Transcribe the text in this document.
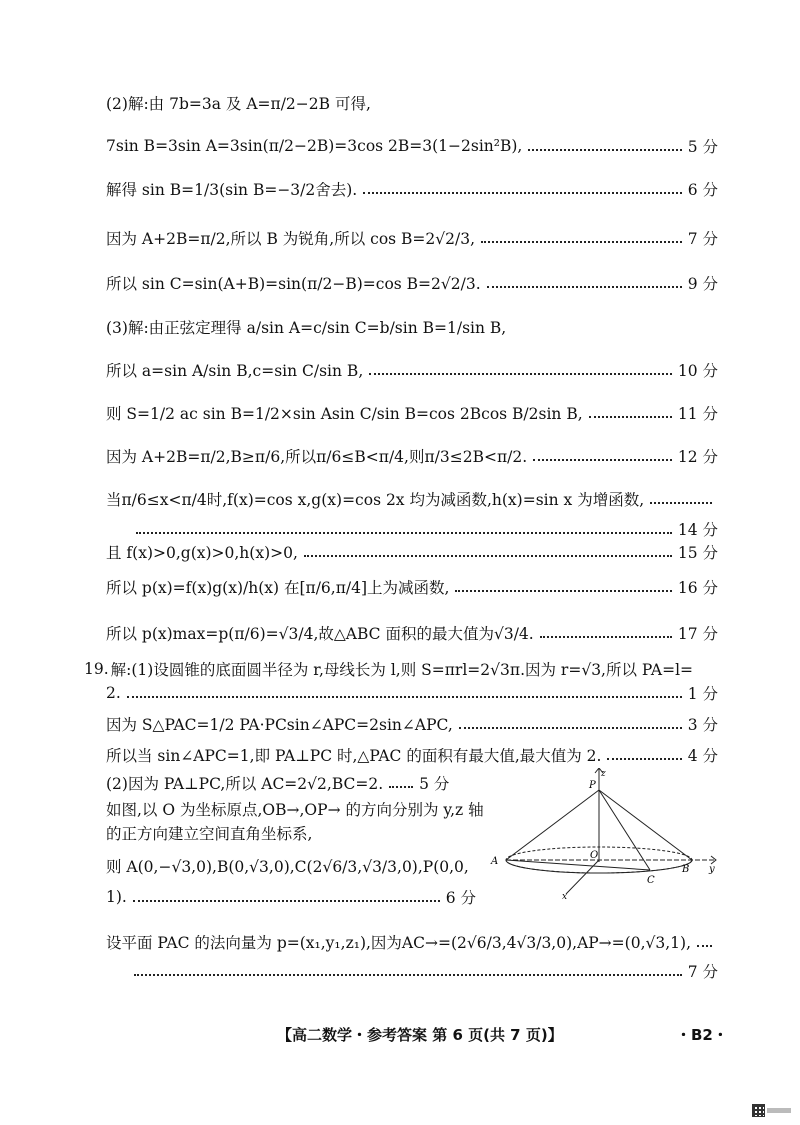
(2)解:由 7b=3a 及 A=π/2−2B 可得,
7sin B=3sin A=3sin(π/2−2B)=3cos 2B=3(1−2sin²B),	5 分
解得 sin B=1/3(sin B=−3/2舍去).	6 分
因为 A+2B=π/2,所以 B 为锐角,所以 cos B=2√2/3,	7 分
所以 sin C=sin(A+B)=sin(π/2−B)=cos B=2√2/3.	9 分
(3)解:由正弦定理得 a/sin A=c/sin C=b/sin B=1/sin B,
所以 a=sin A/sin B,c=sin C/sin B,	10 分
则 S=1/2 ac sin B=1/2×sin Asin C/sin B=cos 2Bcos B/2sin B,	11 分
因为 A+2B=π/2,B≥π/6,所以π/6≤B<π/4,则π/3≤2B<π/2.	12 分
当π/6≤x<π/4时,f(x)=cos x,g(x)=cos 2x 均为减函数,h(x)=sin x 为增函数,
14 分
且 f(x)>0,g(x)>0,h(x)>0,	15 分
所以 p(x)=f(x)g(x)/h(x) 在[π/6,π/4]上为减函数,	16 分
所以 p(x)max=p(π/6)=√3/4,故△ABC 面积的最大值为√3/4.	17 分
19. 解:(1)设圆锥的底面圆半径为 r,母线长为 l,则 S=πrl=2√3π.因为 r=√3,所以 PA=l=
2.	1 分
因为 S△PAC=1/2 PA·PCsin∠APC=2sin∠APC,	3 分
所以当 sin∠APC=1,即 PA⊥PC 时,△PAC 的面积有最大值,最大值为 2.	4 分
(2)因为 PA⊥PC,所以 AC=2√2,BC=2. 5 分
如图,以 O 为坐标原点,OB→,OP→ 的方向分别为 y,z 轴
的正方向建立空间直角坐标系,
则 A(0,−√3,0),B(0,√3,0),C(2√6/3,√3/3,0),P(0,0,
1).	6 分
设平面 PAC 的法向量为 p=(x₁,y₁,z₁),因为AC→=(2√6/3,4√3/3,0),AP→=(0,√3,1),
7 分
z
P
A
O
B y
C
x
【高二数学・参考答案 第 6 页(共 7 页)】	・B2・
